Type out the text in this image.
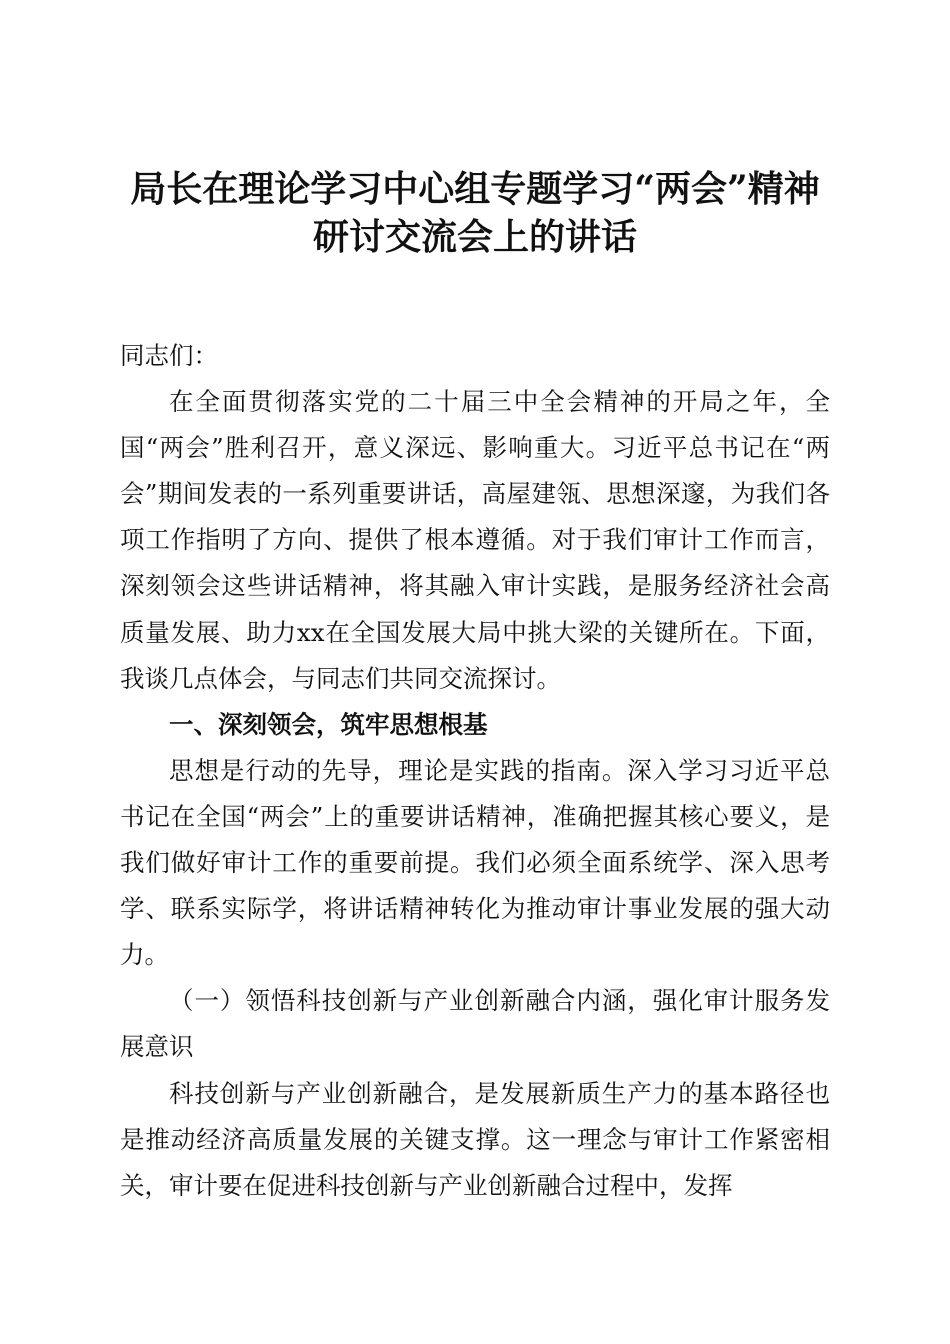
局长在理论学习中心组专题学习“两会”精神
研讨交流会上的讲话

同志们：

在全面贯彻落实党的二十届三中全会精神的开局之年，全国“两会”胜利召开，意义深远、影响重大。习近平总书记在“两会”期间发表的一系列重要讲话，高屋建瓴、思想深邃，为我们各项工作指明了方向、提供了根本遵循。对于我们审计工作而言，深刻领会这些讲话精神，将其融入审计实践，是服务经济社会高质量发展、助力xx在全国发展大局中挑大梁的关键所在。下面，我谈几点体会，与同志们共同交流探讨。

一、深刻领会，筑牢思想根基

思想是行动的先导，理论是实践的指南。深入学习习近平总书记在全国“两会”上的重要讲话精神，准确把握其核心要义，是我们做好审计工作的重要前提。我们必须全面系统学、深入思考学、联系实际学，将讲话精神转化为推动审计事业发展的强大动力。

（一）领悟科技创新与产业创新融合内涵，强化审计服务发展意识

科技创新与产业创新融合，是发展新质生产力的基本路径也是推动经济高质量发展的关键支撑。这一理念与审计工作紧密相关，审计要在促进科技创新与产业创新融合过程中，发挥
